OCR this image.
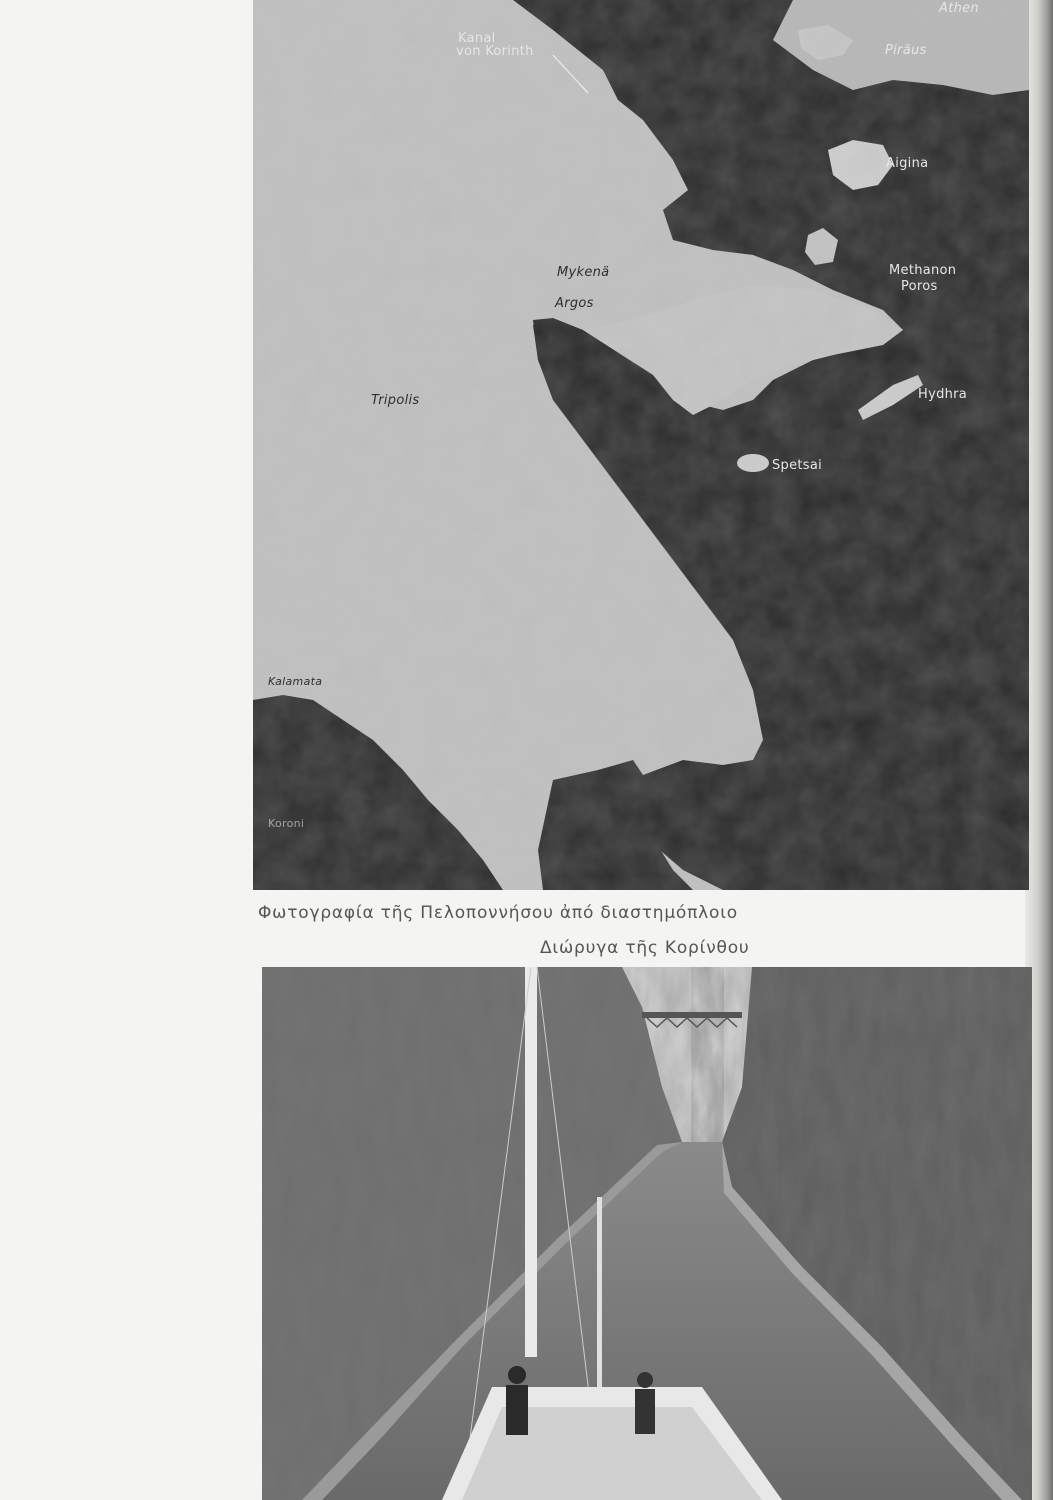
Kanal
von Korinth
Athen
Piräus
Aigina
Methanon
Poros
Mykenä
Argos
Tripolis	Hydhra
Spetsai
Kalamata
Koroni
Φωτογραφία τῆς Πελοποννήσου ἀπό διαστημόπλοιο
Διώρυγα τῆς Κορίνθου
